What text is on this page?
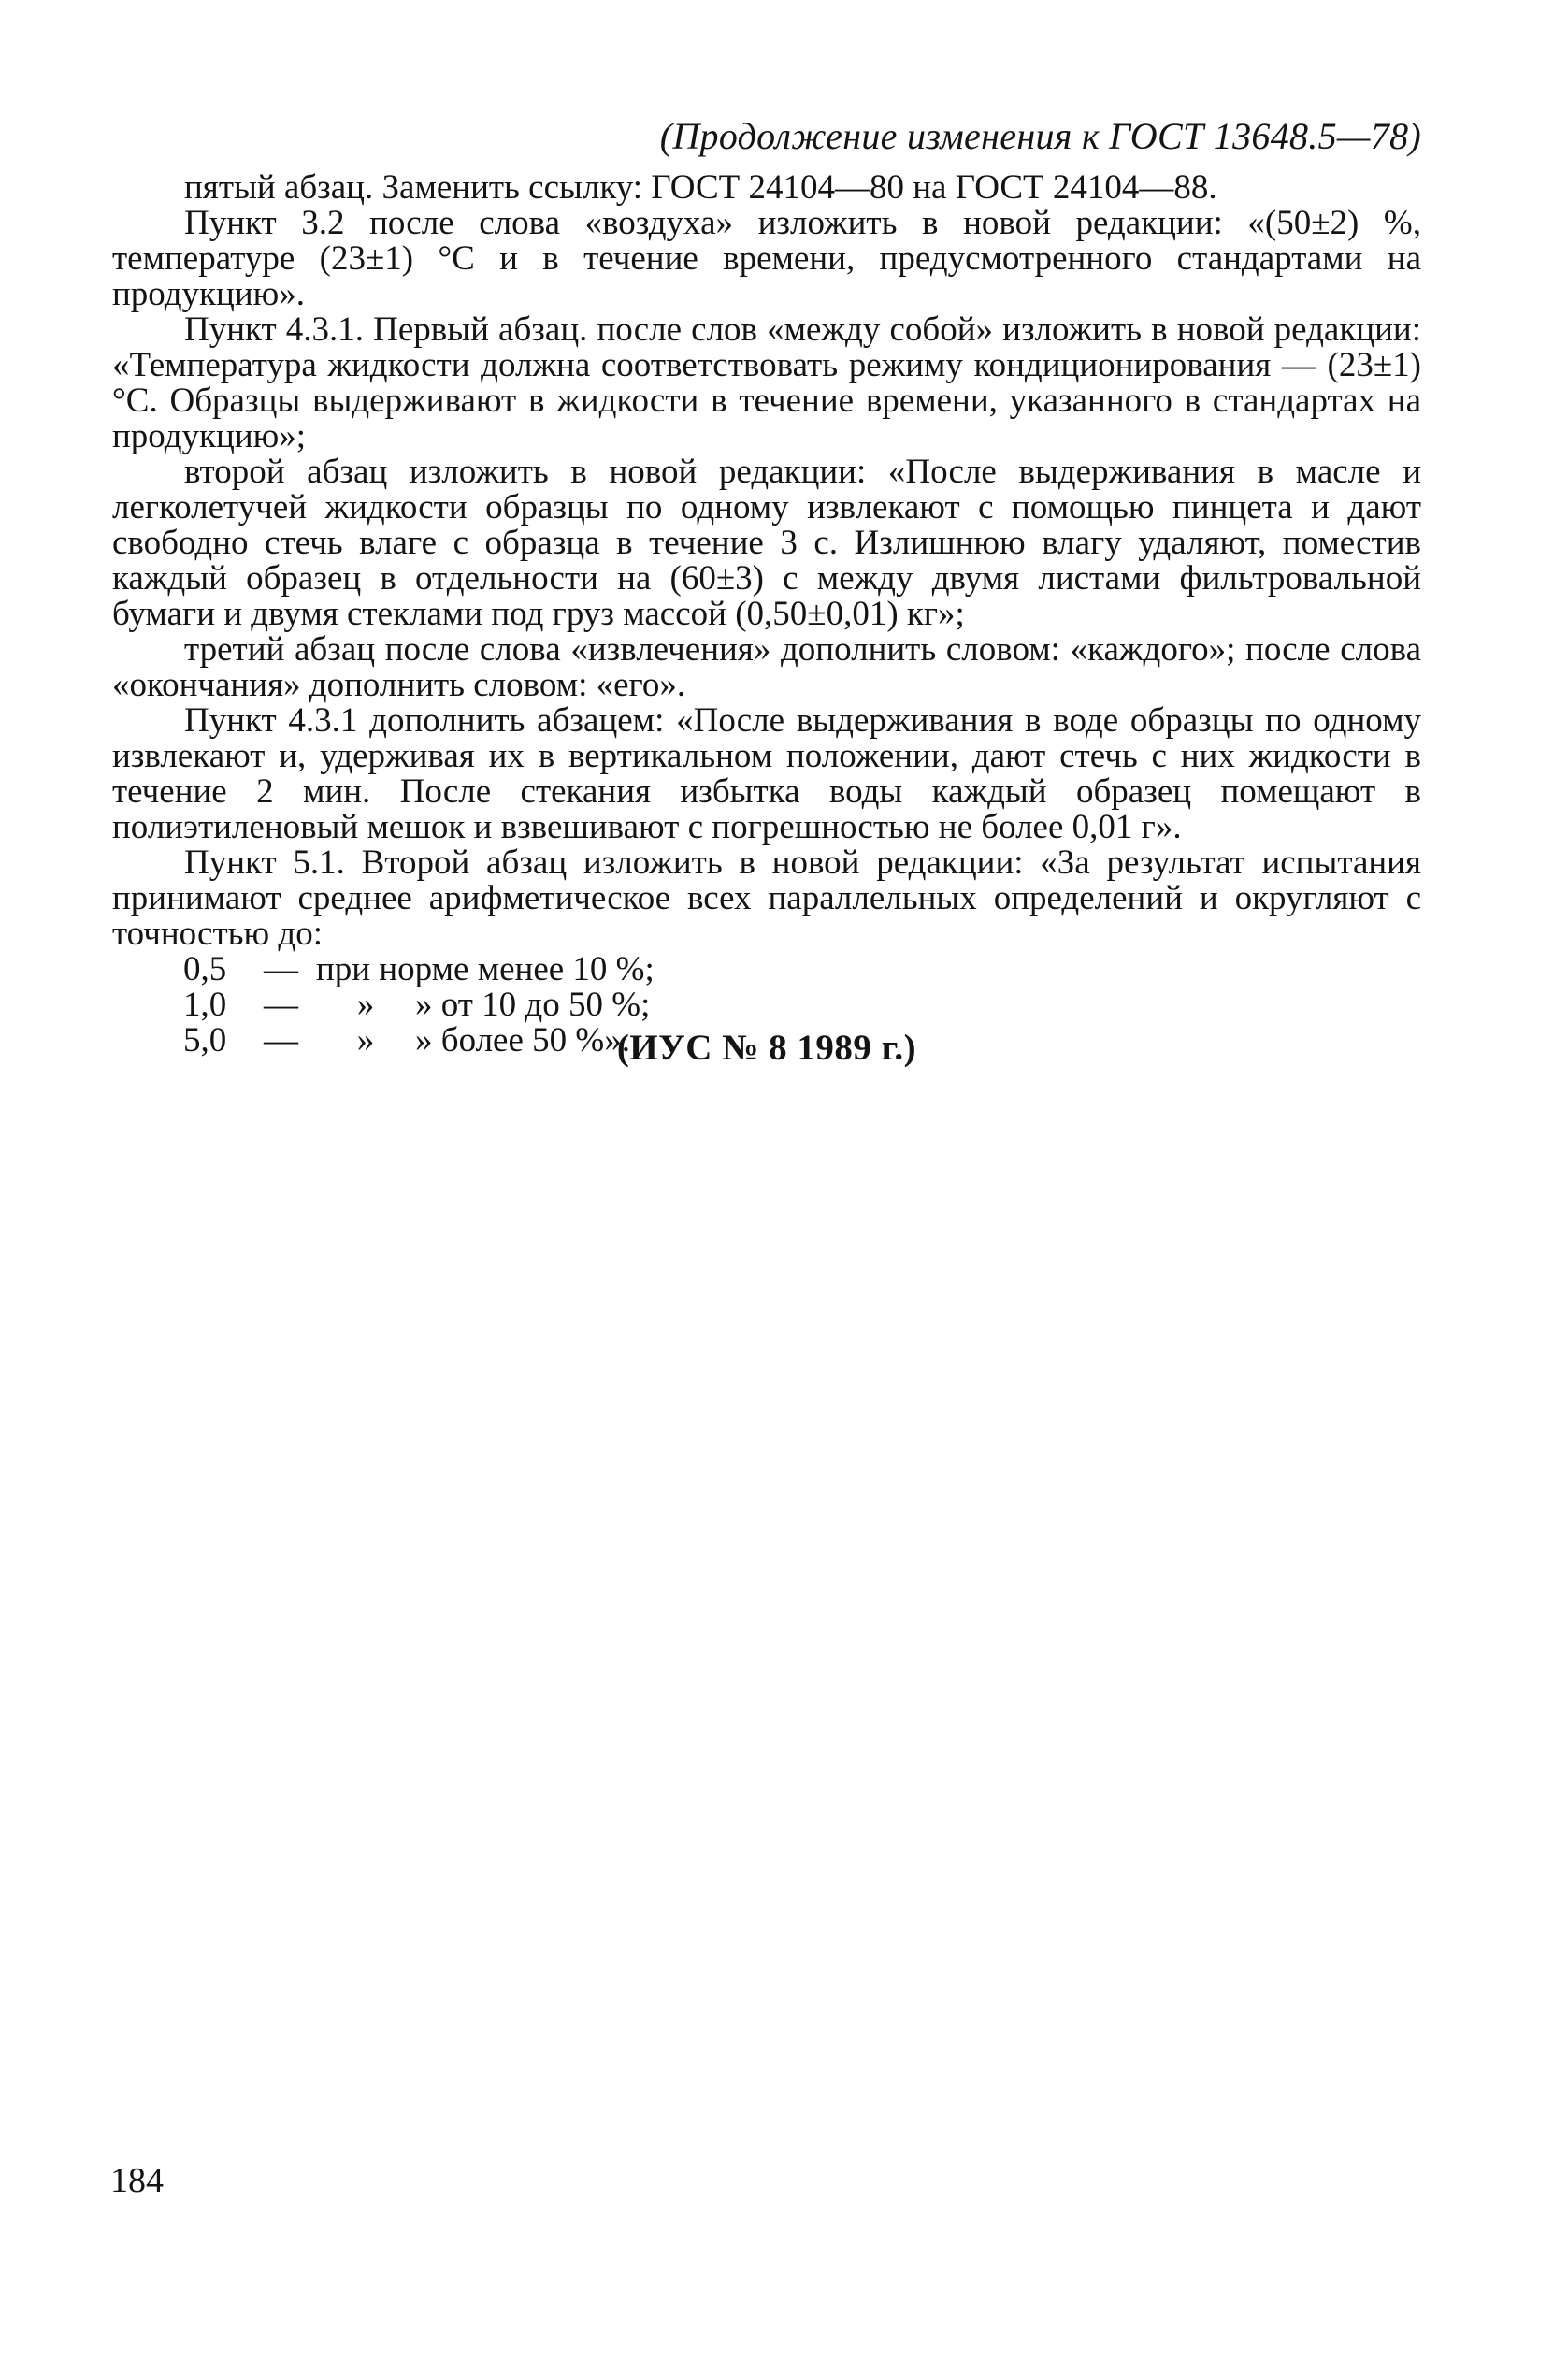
(Продолжение изменения к ГОСТ 13648.5—78)

пятый абзац. Заменить ссылку: ГОСТ 24104—80 на ГОСТ 24104—88.

Пункт 3.2 после слова «воздуха» изложить в новой редакции: «(50±2) %, температуре (23±1) °С и в течение времени, предусмотренного стандартами на продукцию».

Пункт 4.3.1. Первый абзац. после слов «между собой» изложить в новой редакции: «Температура жидкости должна соответствовать режиму кондиционирования — (23±1) °С. Образцы выдерживают в жидкости в течение времени, указанного в стандартах на продукцию»;

второй абзац изложить в новой редакции: «После выдерживания в масле и легколетучей жидкости образцы по одному извлекают с помощью пинцета и дают свободно стечь влаге с образца в течение 3 с. Излишнюю влагу удаляют, поместив каждый образец в отдельности на (60±3) с между двумя листами фильтровальной бумаги и двумя стеклами под груз массой (0,50±0,01) кг»;

третий абзац после слова «извлечения» дополнить словом: «каждого»; после слова «окончания» дополнить словом: «его».

Пункт 4.3.1 дополнить абзацем: «После выдерживания в воде образцы по одному извлекают и, удерживая их в вертикальном положении, дают стечь с них жидкости в течение 2 мин. После стекания избытка воды каждый образец помещают в полиэтиленовый мешок и взвешивают с погрешностью не более 0,01 г».

Пункт 5.1. Второй абзац изложить в новой редакции: «За результат испытания принимают среднее арифметическое всех параллельных определений и округляют с точностью до:

0,5	— при норме менее 10 %;
1,0	—	»	» от 10 до 50 %;
5,0	—	»	» более 50 %».
(ИУС № 8 1989 г.)
184
